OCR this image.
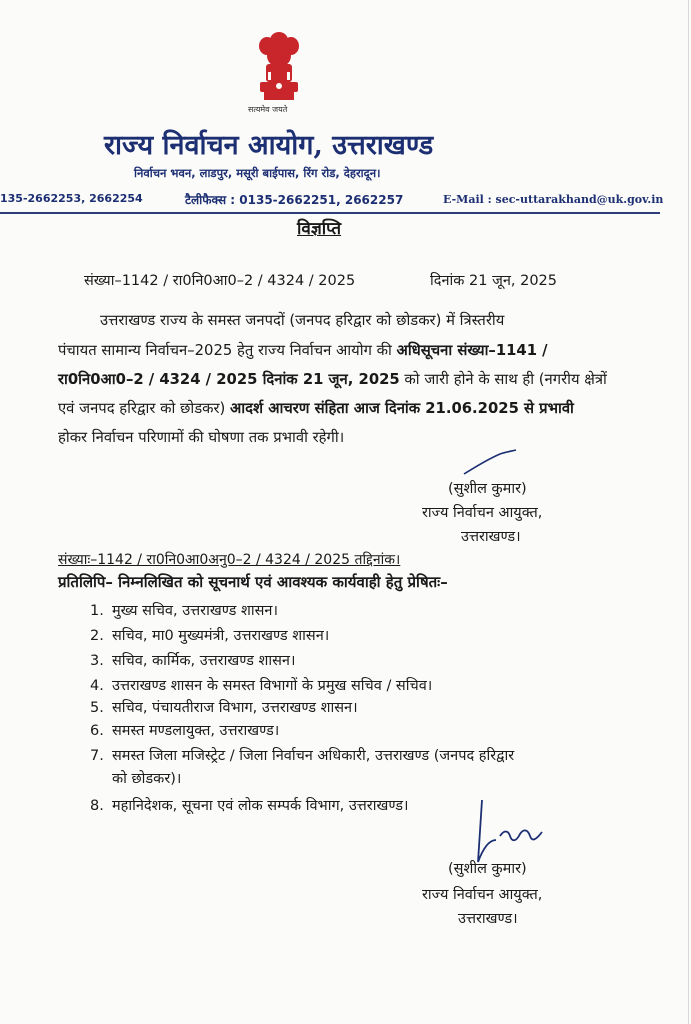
सत्यमेव जयते
राज्य निर्वाचन आयोग, उत्तराखण्ड
निर्वाचन भवन, लाडपुर, मसूरी बाईपास, रिंग रोड, देहरादून।
135-2662253, 2662254	टैलीफैक्स : 0135-2662251, 2662257	E-Mail : sec-uttarakhand@uk.gov.in
विज्ञप्ति
संख्या–1142 / रा0नि0आ0–2 / 4324 / 2025	दिनांक 21 जून, 2025
उत्तराखण्ड राज्य के समस्त जनपदों (जनपद हरिद्वार को छोडकर) में त्रिस्तरीय
पंचायत सामान्य निर्वाचन–2025 हेतु राज्य निर्वाचन आयोग की अधिसूचना संख्या–1141 /
रा0नि0आ0–2 / 4324 / 2025 दिनांक 21 जून, 2025 को जारी होने के साथ ही (नगरीय क्षेत्रों
एवं जनपद हरिद्वार को छोडकर) आदर्श आचरण संहिता आज दिनांक 21.06.2025 से प्रभावी
होकर निर्वाचन परिणामों की घोषणा तक प्रभावी रहेगी।
(सुशील कुमार)
राज्य निर्वाचन आयुक्त,
उत्तराखण्ड।
संख्याः–1142 / रा0नि0आ0अनु0–2 / 4324 / 2025 तद्दिनांक।
प्रतिलिपि– निम्नलिखित को सूचनार्थ एवं आवश्यक कार्यवाही हेतु प्रेषितः–
1. मुख्य सचिव, उत्तराखण्ड शासन।
2. सचिव, मा0 मुख्यमंत्री, उत्तराखण्ड शासन।
3. सचिव, कार्मिक, उत्तराखण्ड शासन।
4. उत्तराखण्ड शासन के समस्त विभागों के प्रमुख सचिव / सचिव।
5. सचिव, पंचायतीराज विभाग, उत्तराखण्ड शासन।
6. समस्त मण्डलायुक्त, उत्तराखण्ड।
7. समस्त जिला मजिस्ट्रेट / जिला निर्वाचन अधिकारी, उत्तराखण्ड (जनपद हरिद्वार
को छोडकर)।
8. महानिदेशक, सूचना एवं लोक सम्पर्क विभाग, उत्तराखण्ड।
(सुशील कुमार)
राज्य निर्वाचन आयुक्त,
उत्तराखण्ड।
